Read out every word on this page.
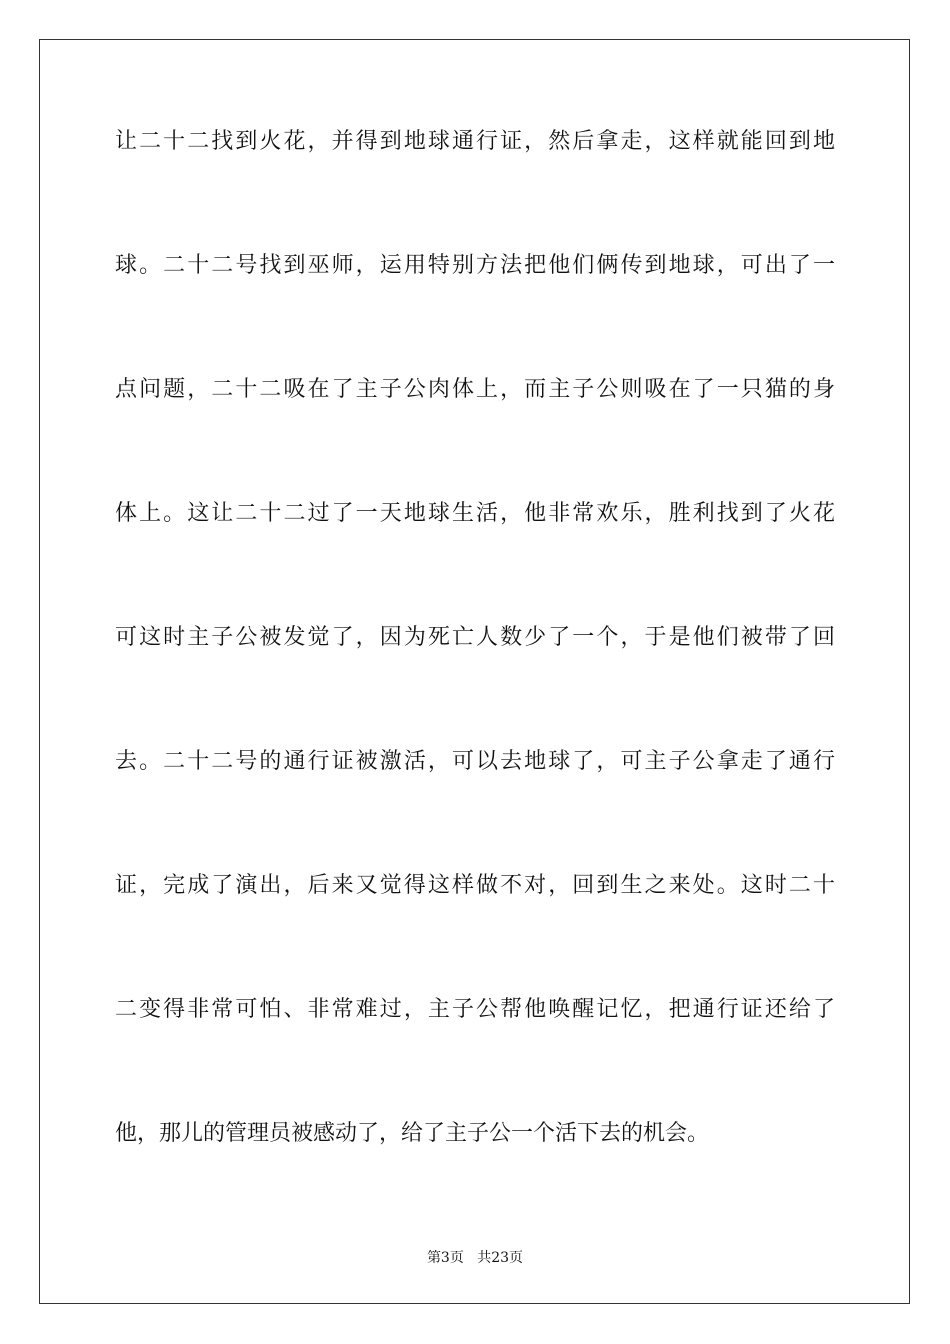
让二十二找到火花，并得到地球通行证，然后拿走，这样就能回到地
球。二十二号找到巫师，运用特别方法把他们俩传到地球，可出了一
点问题，二十二吸在了主子公肉体上，而主子公则吸在了一只猫的身
体上。这让二十二过了一天地球生活，他非常欢乐，胜利找到了火花
可这时主子公被发觉了，因为死亡人数少了一个，于是他们被带了回
去。二十二号的通行证被激活，可以去地球了，可主子公拿走了通行
证，完成了演出，后来又觉得这样做不对，回到生之来处。这时二十
二变得非常可怕、非常难过，主子公帮他唤醒记忆，把通行证还给了
他，那儿的管理员被感动了，给了主子公一个活下去的机会。
第3页 共23页
